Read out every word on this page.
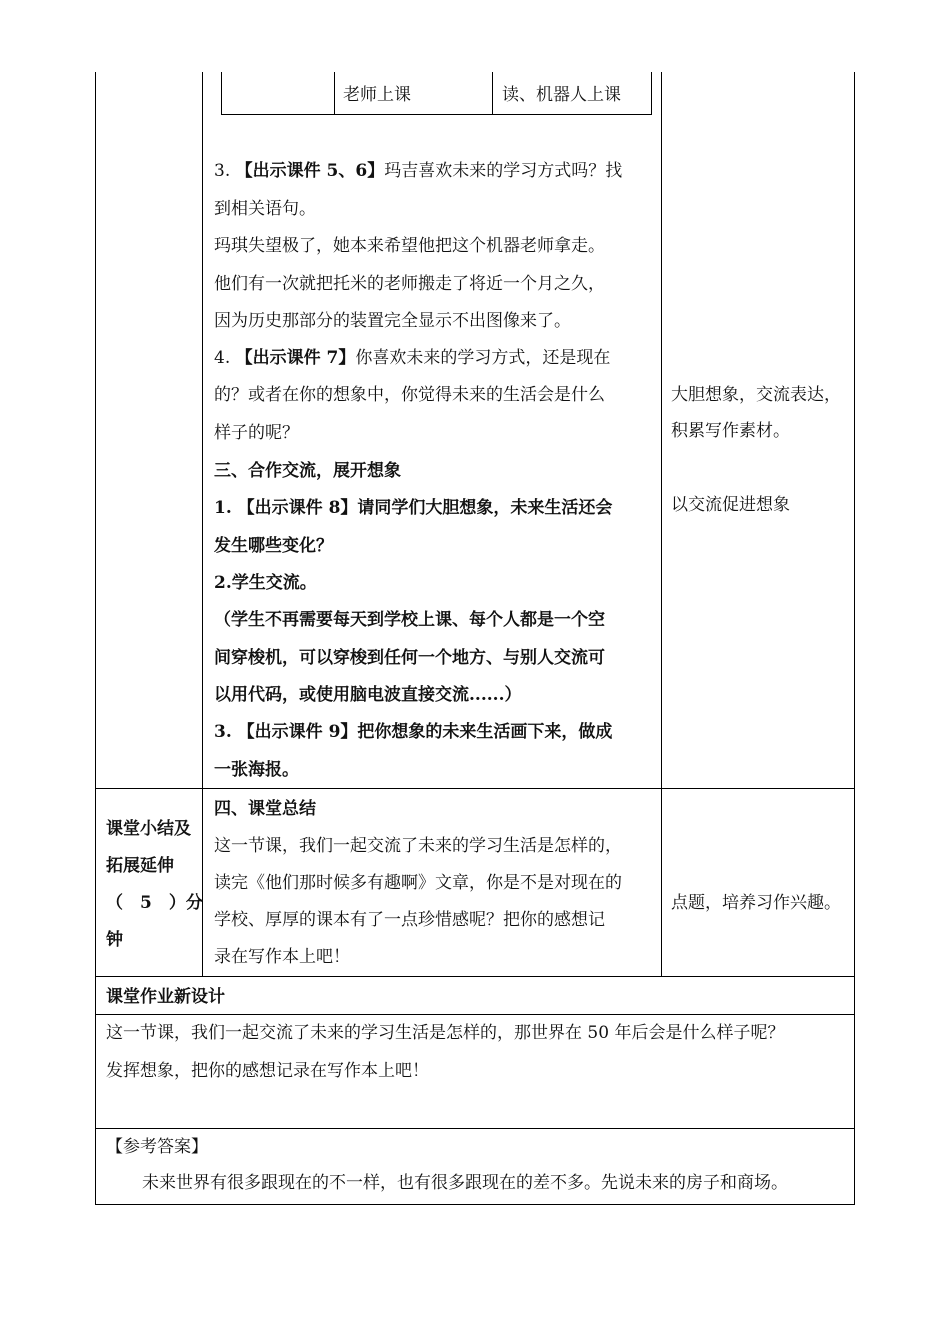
老师上课	读、机器人上课
3. 【出示课件 5、6】玛吉喜欢未来的学习方式吗？找
到相关语句。
玛琪失望极了，她本来希望他把这个机器老师拿走。
他们有一次就把托米的老师搬走了将近一个月之久，
因为历史那部分的装置完全显示不出图像来了。
4. 【出示课件 7】你喜欢未来的学习方式，还是现在
的？或者在你的想象中，你觉得未来的生活会是什么
样子的呢？
三、合作交流，展开想象
1. 【出示课件 8】请同学们大胆想象，未来生活还会
发生哪些变化？
2.学生交流。
（学生不再需要每天到学校上课、每个人都是一个空
间穿梭机，可以穿梭到任何一个地方、与别人交流可
以用代码，或使用脑电波直接交流......）
3. 【出示课件 9】把你想象的未来生活画下来，做成
一张海报。
大胆想象，交流表达，
积累写作素材。
以交流促进想象
课堂小结及
拓展延伸
（　5　）分
钟
四、课堂总结
这一节课，我们一起交流了未来的学习生活是怎样的，
读完《他们那时候多有趣啊》文章，你是不是对现在的
学校、厚厚的课本有了一点珍惜感呢？把你的感想记
录在写作本上吧！
点题，培养习作兴趣。
课堂作业新设计
这一节课，我们一起交流了未来的学习生活是怎样的，那世界在 50 年后会是什么样子呢？
发挥想象，把你的感想记录在写作本上吧！
【参考答案】
未来世界有很多跟现在的不一样，也有很多跟现在的差不多。先说未来的房子和商场。
